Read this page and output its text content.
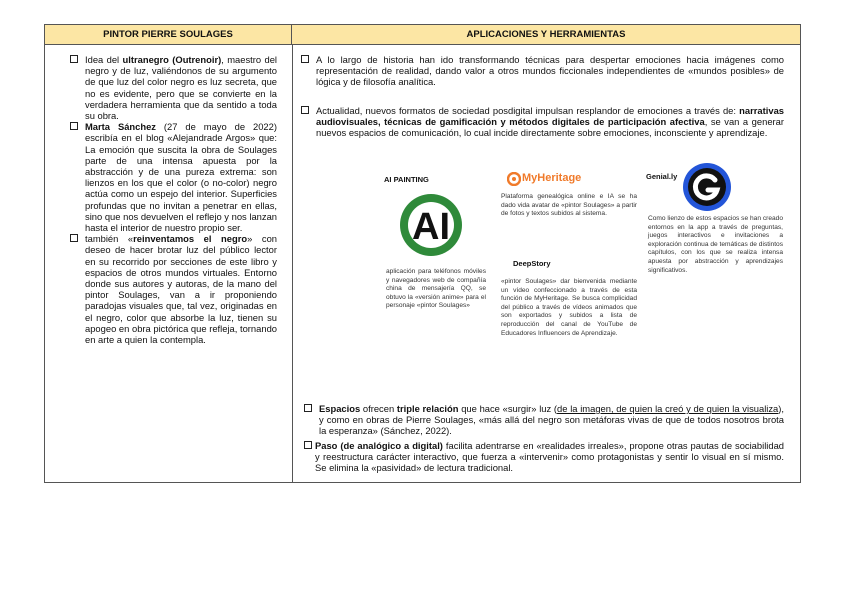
PINTOR PIERRE SOULAGES	APLICACIONES Y HERRAMIENTAS
Idea del ultranegro (Outrenoir), maestro del negro y de luz, valiéndonos de su argumento de que luz del color negro es luz secreta, que no es evidente, pero que se convierte en la verdadera herramienta que da sentido a toda su obra.
Marta Sánchez (27 de mayo de 2022) escribía en el blog «Alejandrade Argos» que: La emoción que suscita la obra de Soulages parte de una intensa apuesta por la abstracción y de una pureza extrema: son lienzos en los que el color (o no-color) negro actúa como un espejo del interior. Superficies profundas que no invitan a penetrar en ellas, sino que nos devuelven el reflejo y nos lanzan hasta el interior de nuestro propio ser.
también «reinventamos el negro» con deseo de hacer brotar luz del público lector en su recorrido por secciones de este libro y espacios de otros mundos virtuales. Entorno donde sus autores y autoras, de la mano del pintor Soulages, van a ir proponiendo paradojas visuales que, tal vez, originadas en el negro, color que absorbe la luz, tienen su apogeo en obra pictórica que refleja, tornando en arte a quien la contempla.
A lo largo de historia han ido transformando técnicas para despertar emociones hacia imágenes como representación de realidad, dando valor a otros mundos ficcionales independientes de «mundos posibles» de lógica y de filosofía analítica.
Actualidad, nuevos formatos de sociedad posdigital impulsan resplandor de emociones a través de: narrativas audiovisuales, técnicas de gamificación y métodos digitales de participación afectiva, se van a generar nuevos espacios de comunicación, lo cual incide directamente sobre emociones, inconsciente y aprendizaje.
AI PAINTING
AI
aplicación para teléfonos móviles y navegadores web de compañía china de mensajería QQ, se obtuvo la «versión anime» para el personaje «pintor Soulages»
MyHeritage
Plataforma genealógica online e IA se ha dado vida avatar de «pintor Soulages» a partir de fotos y textos subidos al sistema.
DeepStory
«pintor Soulages» dar bienvenida mediante un vídeo confeccionado a través de esta función de MyHeritage. Se busca complicidad del público a través de vídeos animados que son exportados y subidos a lista de reproducción del canal de YouTube de Educadores Influencers de Aprendizaje.
Genial.ly
Como lienzo de estos espacios se han creado entornos en la app a través de preguntas, juegos interactivos e invitaciones a exploración continua de temáticas de distintos capítulos, con los que se realiza intensa apuesta por abstracción y aprendizajes significativos.
Espacios ofrecen triple relación que hace «surgir» luz (de la imagen, de quien la creó y de quien la visualiza), y como en obras de Pierre Soulages, «más allá del negro son metáforas vivas de que de todos nosotros brota la esperanza» (Sánchez, 2022).
Paso (de analógico a digital) facilita adentrarse en «realidades irreales», propone otras pautas de sociabilidad y reestructura carácter interactivo, que fuerza a «intervenir» como protagonistas y sentir lo visual en sí mismo. Se elimina la «pasividad» de lectura tradicional.
